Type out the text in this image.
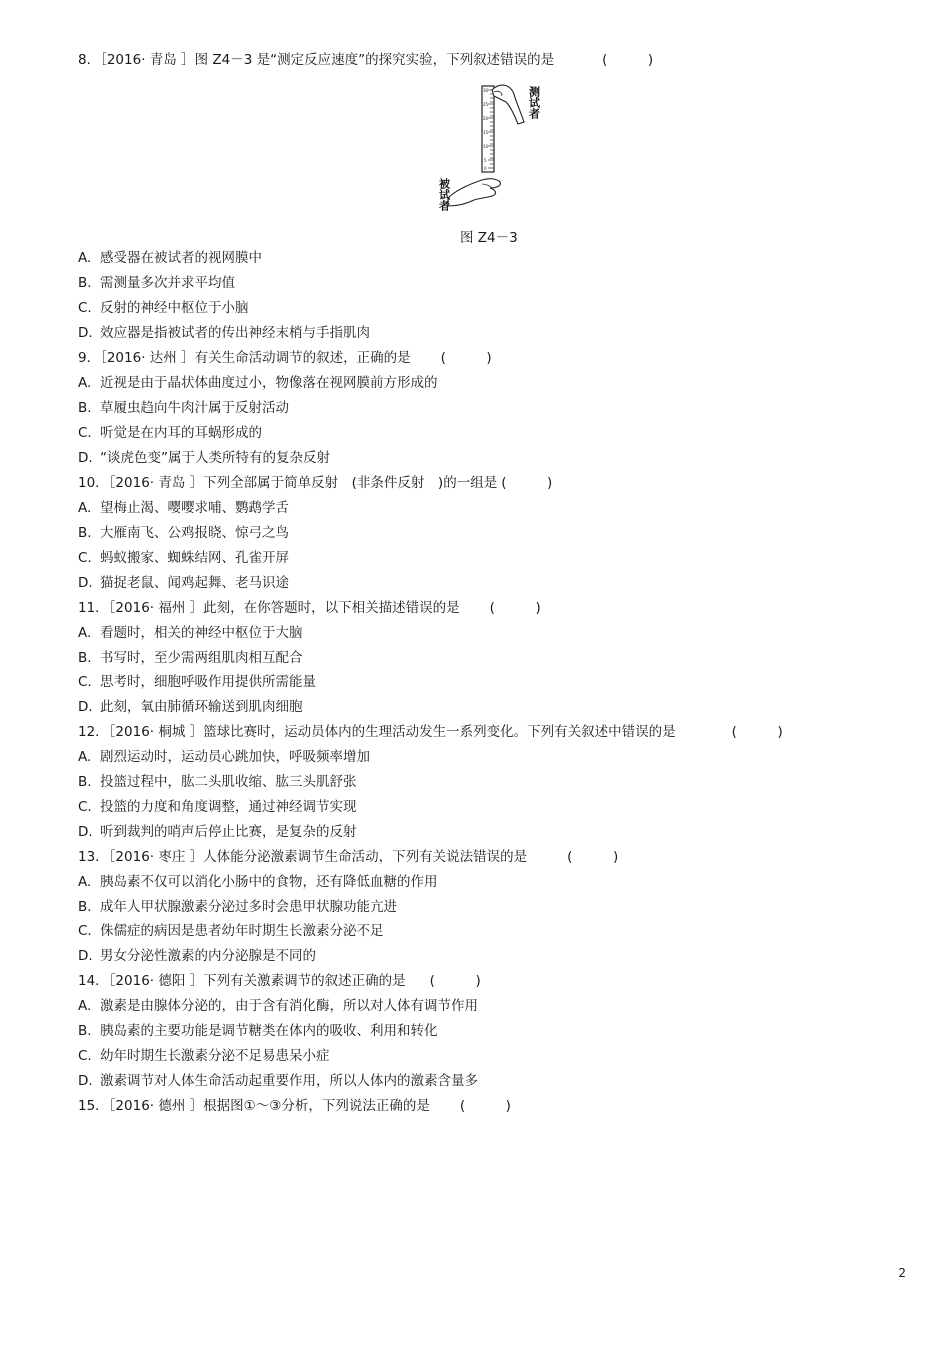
8．［2016· 青岛 ］图 Z4－3 是“测定反应速度”的探究实验，下列叙述错误的是	(　　　)
30
25
20
15
10
5
0
测试者
被试者
图 Z4－3
A. 感受器在被试者的视网膜中
B. 需测量多次并求平均值
C. 反射的神经中枢位于小脑
D. 效应器是指被试者的传出神经末梢与手指肌肉
9．［2016· 达州 ］有关生命活动调节的叙述，正确的是 (　　　)
A. 近视是由于晶状体曲度过小，物像落在视网膜前方形成的
B. 草履虫趋向牛肉汁属于反射活动
C. 听觉是在内耳的耳蜗形成的
D. “谈虎色变”属于人类所特有的复杂反射
10．［2016· 青岛 ］下列全部属于简单反射　(非条件反射　)的一组是 (　　　)
A. 望梅止渴、嘤嘤求哺、鹦鹉学舌
B. 大雁南飞、公鸡报晓、惊弓之鸟
C. 蚂蚁搬家、蜘蛛结网、孔雀开屏
D. 猫捉老鼠、闻鸡起舞、老马识途
11．［2016· 福州 ］此刻，在你答题时，以下相关描述错误的是 (　　　)
A. 看题时，相关的神经中枢位于大脑
B. 书写时，至少需两组肌肉相互配合
C. 思考时，细胞呼吸作用提供所需能量
D. 此刻，氧由肺循环输送到肌肉细胞
12．［2016· 桐城 ］篮球比赛时，运动员体内的生理活动发生一系列变化。下列有关叙述中错误的是	(　　　)
A. 剧烈运动时，运动员心跳加快，呼吸频率增加
B. 投篮过程中，肱二头肌收缩、肱三头肌舒张
C. 投篮的力度和角度调整，通过神经调节实现
D. 听到裁判的哨声后停止比赛，是复杂的反射
13．［2016· 枣庄 ］人体能分泌激素调节生命活动，下列有关说法错误的是	(　　　)
A. 胰岛素不仅可以消化小肠中的食物，还有降低血糖的作用
B. 成年人甲状腺激素分泌过多时会患甲状腺功能亢进
C. 侏儒症的病因是患者幼年时期生长激素分泌不足
D. 男女分泌性激素的内分泌腺是不同的
14．［2016· 德阳 ］下列有关激素调节的叙述正确的是 (　　　)
A. 激素是由腺体分泌的，由于含有消化酶，所以对人体有调节作用
B. 胰岛素的主要功能是调节糖类在体内的吸收、利用和转化
C. 幼年时期生长激素分泌不足易患呆小症
D. 激素调节对人体生命活动起重要作用，所以人体内的激素含量多
15．［2016· 德州 ］根据图①～③分析，下列说法正确的是 (　　　)
2
